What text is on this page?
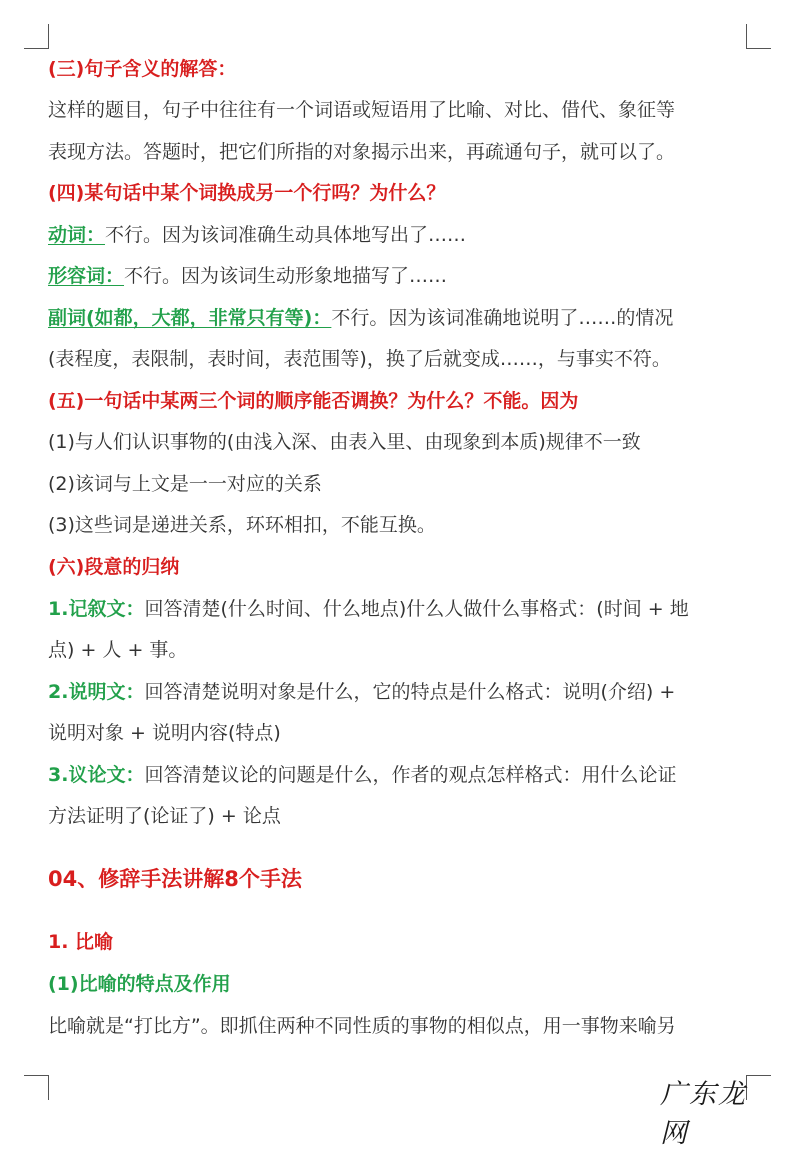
(三)句子含义的解答：
这样的题目，句子中往往有一个词语或短语用了比喻、对比、借代、象征等
表现方法。答题时，把它们所指的对象揭示出来，再疏通句子，就可以了。
(四)某句话中某个词换成另一个行吗？为什么？
动词：不行。因为该词准确生动具体地写出了……
形容词：不行。因为该词生动形象地描写了……
副词(如都，大都，非常只有等)：不行。因为该词准确地说明了……的情况
(表程度，表限制，表时间，表范围等)，换了后就变成……，与事实不符。
(五)一句话中某两三个词的顺序能否调换？为什么？不能。因为
(1)与人们认识事物的(由浅入深、由表入里、由现象到本质)规律不一致
(2)该词与上文是一一对应的关系
(3)这些词是递进关系，环环相扣，不能互换。
(六)段意的归纳
1.记叙文：回答清楚(什么时间、什么地点)什么人做什么事格式：(时间 + 地
点) + 人 + 事。
2.说明文：回答清楚说明对象是什么，它的特点是什么格式：说明(介绍) +
说明对象 + 说明内容(特点)
3.议论文：回答清楚议论的问题是什么，作者的观点怎样格式：用什么论证
方法证明了(论证了) + 论点
04、修辞手法讲解8个手法
1. 比喻
(1)比喻的特点及作用
比喻就是“打比方”。即抓住两种不同性质的事物的相似点，用一事物来喻另
广东龙网
